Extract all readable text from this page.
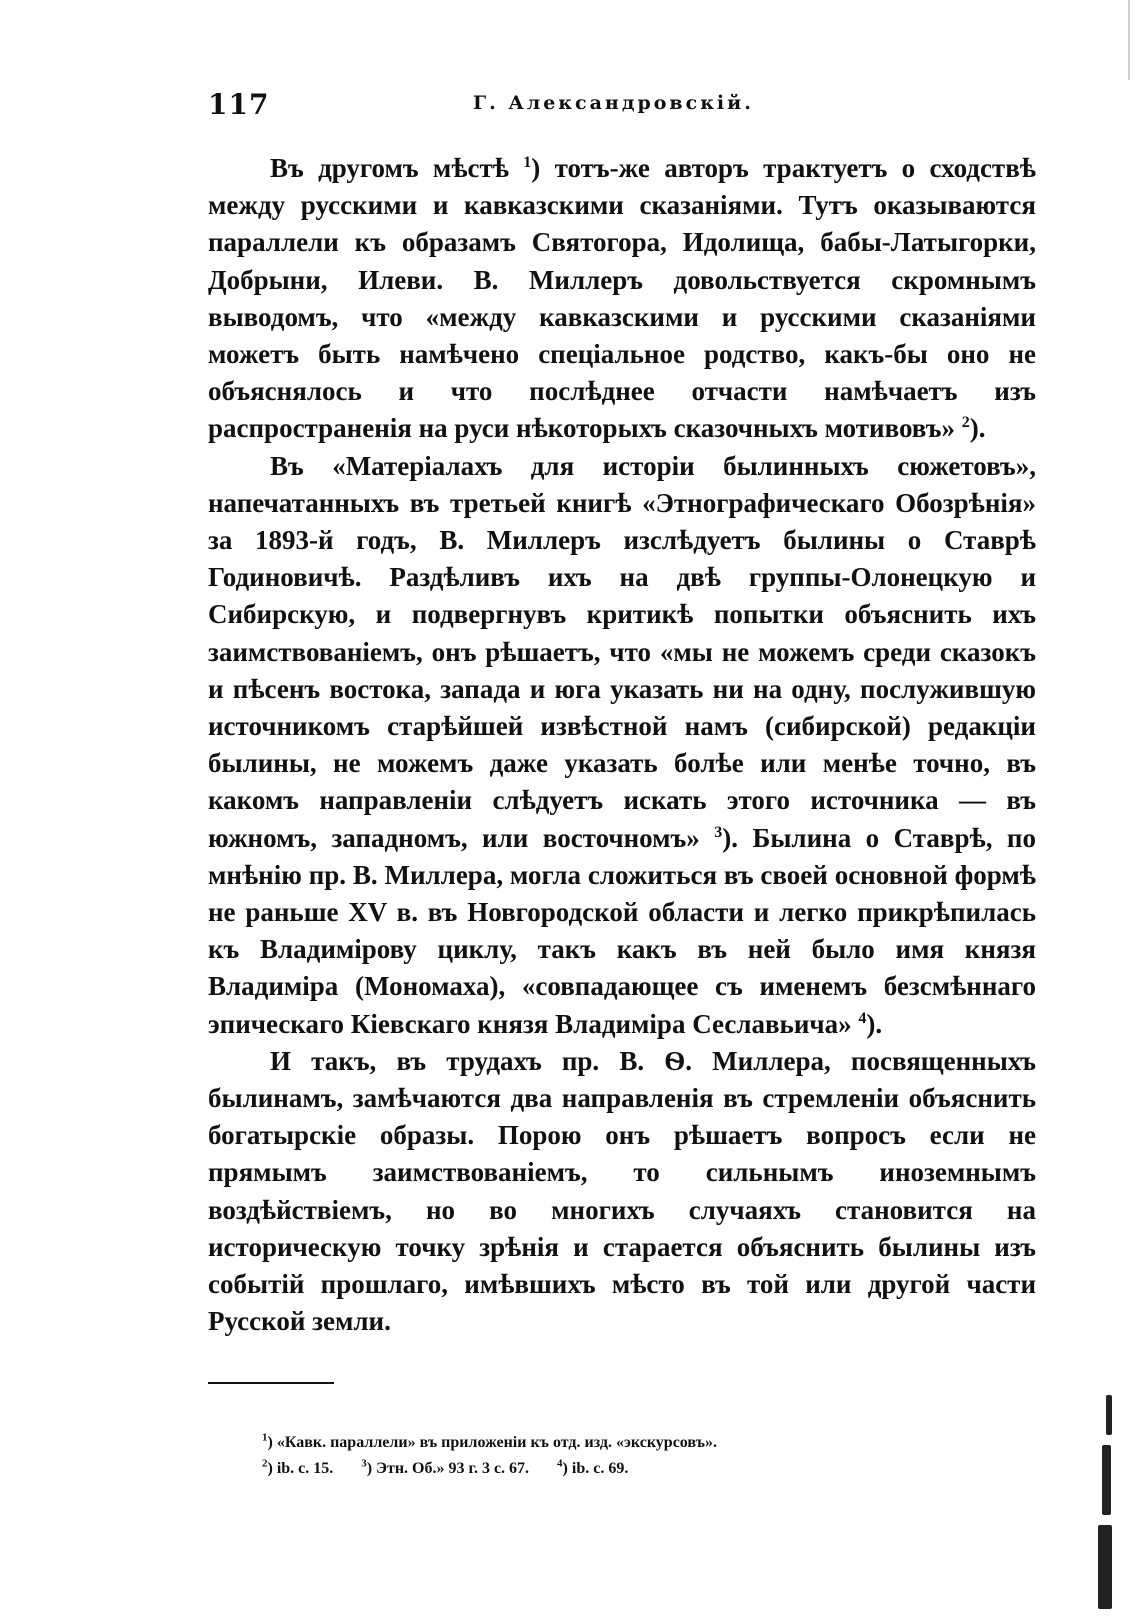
117	Г. Александровскій.

Въ другомъ мѣстѣ $^1$) тотъ-же авторъ трактуетъ о сходствѣ между русскими и кавказскими сказаніями. Тутъ оказываются параллели къ образамъ Святогора, Идолища, бабы-Латыгорки, Добрыни, Илеви. В. Миллеръ довольствуется скромнымъ выводомъ, что «между кавказскими и русскими сказаніями можетъ быть намѣчено спеціальное родство, какъ-бы оно не объяснялось и что послѣднее отчасти намѣчаетъ изъ распространенія на руси нѣкоторыхъ сказочныхъ мотивовъ» $^2$).

Въ «Матеріалахъ для исторіи былинныхъ сюжетовъ», напечатанныхъ въ третьей книгѣ «Этнографическаго Обозрѣнія» за 1893-й годъ, В. Миллеръ изслѣдуетъ былины о Ставрѣ Годиновичѣ. Раздѣливъ ихъ на двѣ группы-Олонецкую и Сибирскую, и подвергнувъ критикѣ попытки объяснить ихъ заимствованіемъ, онъ рѣшаетъ, что «мы не можемъ среди сказокъ и пѣсенъ востока, запада и юга указать ни на одну, послужившую источникомъ старѣйшей извѣстной намъ (сибирской) редакціи былины, не можемъ даже указать болѣе или менѣе точно, въ какомъ направленіи слѣдуетъ искать этого источника — въ южномъ, западномъ, или восточномъ» $^3$). Былина о Ставрѣ, по мнѣнію пр. В. Миллера, могла сложиться въ своей основной формѣ не раньше XV в. въ Новгородской области и легко прикрѣпилась къ Владимірову циклу, такъ какъ въ ней было имя князя Владиміра (Мономаха), «совпадающее съ именемъ безсмѣннаго эпическаго Кіевскаго князя Владиміра Сеславьича» $^4$).

И такъ, въ трудахъ пр. В. Ѳ. Миллера, посвященныхъ былинамъ, замѣчаются два направленія въ стремленіи объяснить богатырскіе образы. Порою онъ рѣшаетъ вопросъ если не прямымъ заимствованіемъ, то сильнымъ иноземнымъ воздѣйствіемъ, но во многихъ случаяхъ становится на историческую точку зрѣнія и старается объяснить былины изъ событій прошлаго, имѣвшихъ мѣсто въ той или другой части Русской земли.

$^1$) «Кавк. параллели» въ приложеніи къ отд. изд. «экскурсовъ».
$^2$) ib. с. 15.	$^3$) Этн. Об.» 93 г. 3 с. 67.	$^4$) ib. с. 69.
